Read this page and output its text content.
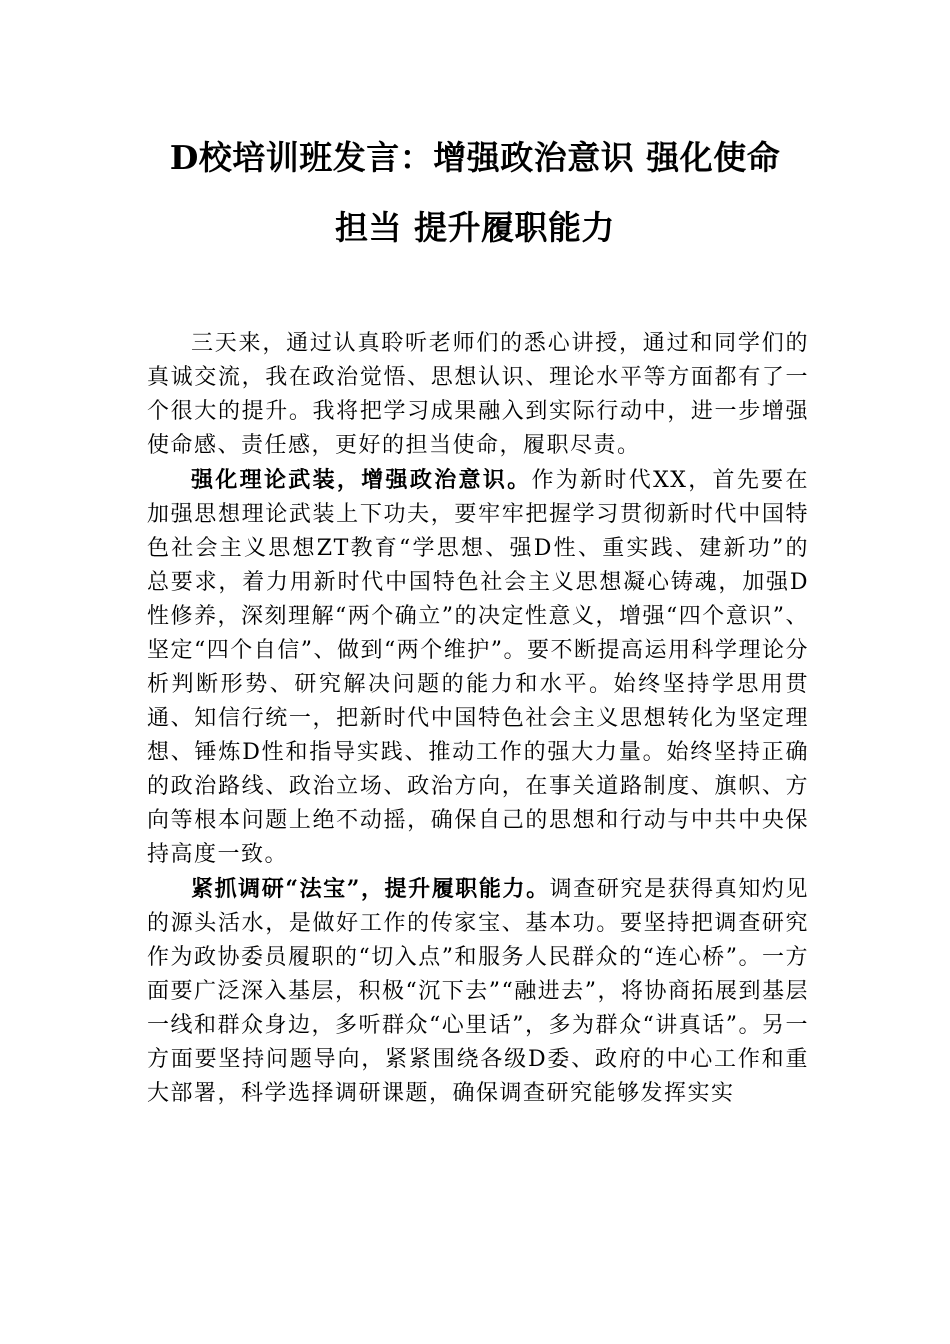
D校培训班发言：增强政治意识 强化使命
担当 提升履职能力

三天来，通过认真聆听老师们的悉心讲授，通过和同学们的真诚交流，我在政治觉悟、思想认识、理论水平等方面都有了一个很大的提升。我将把学习成果融入到实际行动中，进一步增强使命感、责任感，更好的担当使命，履职尽责。

强化理论武装，增强政治意识。作为新时代XX，首先要在加强思想理论武装上下功夫，要牢牢把握学习贯彻新时代中国特色社会主义思想ZT教育“学思想、强D性、重实践、建新功”的总要求，着力用新时代中国特色社会主义思想凝心铸魂，加强D性修养，深刻理解“两个确立”的决定性意义，增强“四个意识”、坚定“四个自信”、做到“两个维护”。要不断提高运用科学理论分析判断形势、研究解决问题的能力和水平。始终坚持学思用贯通、知信行统一，把新时代中国特色社会主义思想转化为坚定理想、锤炼D性和指导实践、推动工作的强大力量。始终坚持正确的政治路线、政治立场、政治方向，在事关道路制度、旗帜、方向等根本问题上绝不动摇，确保自己的思想和行动与中共中央保持高度一致。

紧抓调研“法宝”，提升履职能力。调查研究是获得真知灼见的源头活水，是做好工作的传家宝、基本功。要坚持把调查研究作为政协委员履职的“切入点”和服务人民群众的“连心桥”。一方面要广泛深入基层，积极“沉下去”“融进去”，将协商拓展到基层一线和群众身边，多听群众“心里话”，多为群众“讲真话”。另一方面要坚持问题导向，紧紧围绕各级D委、政府的中心工作和重大部署，科学选择调研课题，确保调查研究能够发挥实实
